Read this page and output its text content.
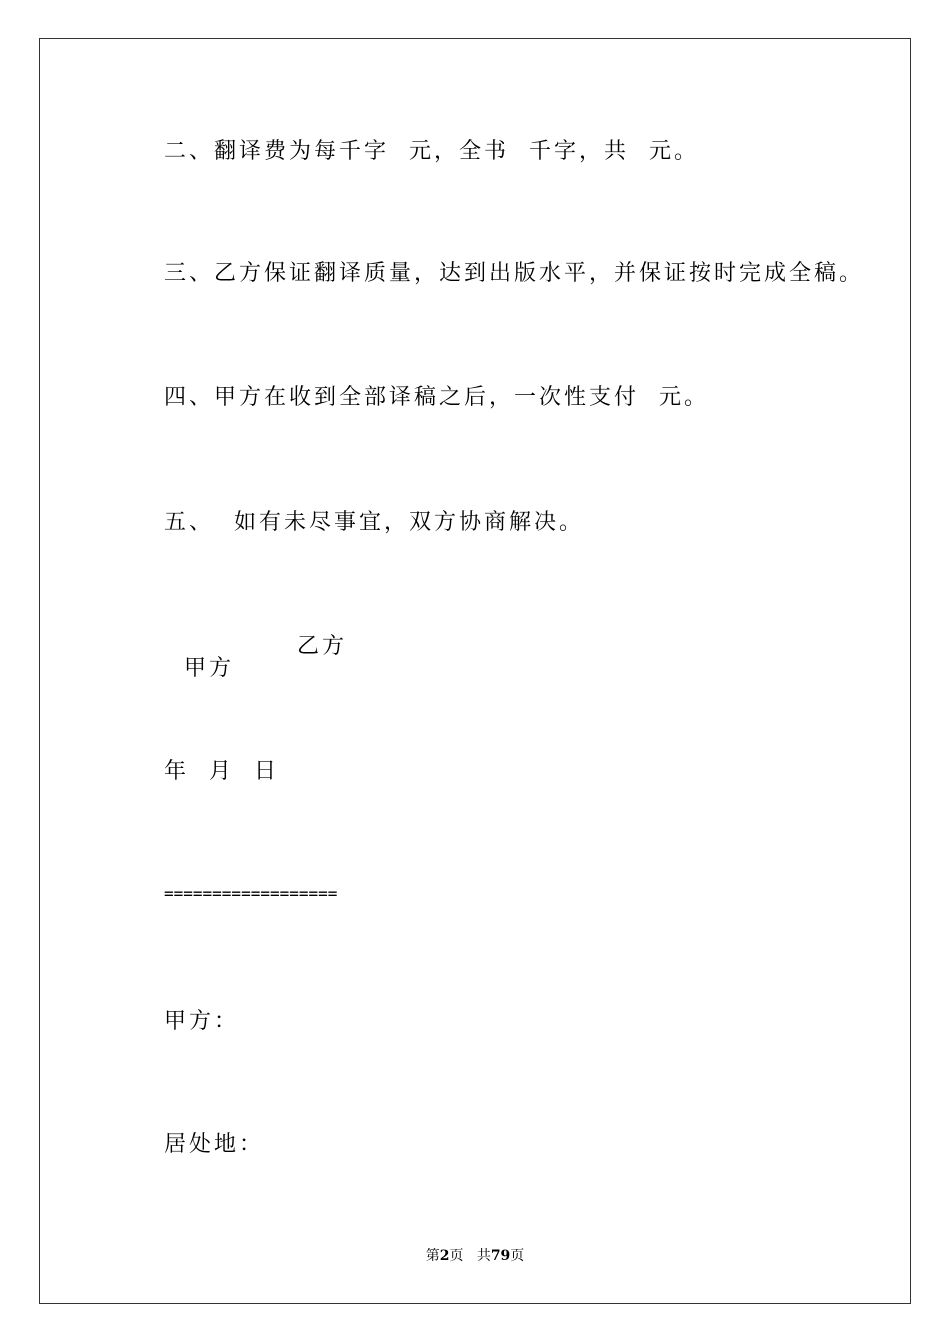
二、翻译费为每千字  元，全书  千字，共  元。
三、乙方保证翻译质量，达到出版水平，并保证按时完成全稿。
四、甲方在收到全部译稿之后，一次性支付  元。
五、  如有未尽事宜，双方协商解决。

甲方

乙方

年  月  日
==================
甲方：
居处地：
第2页 共79页
